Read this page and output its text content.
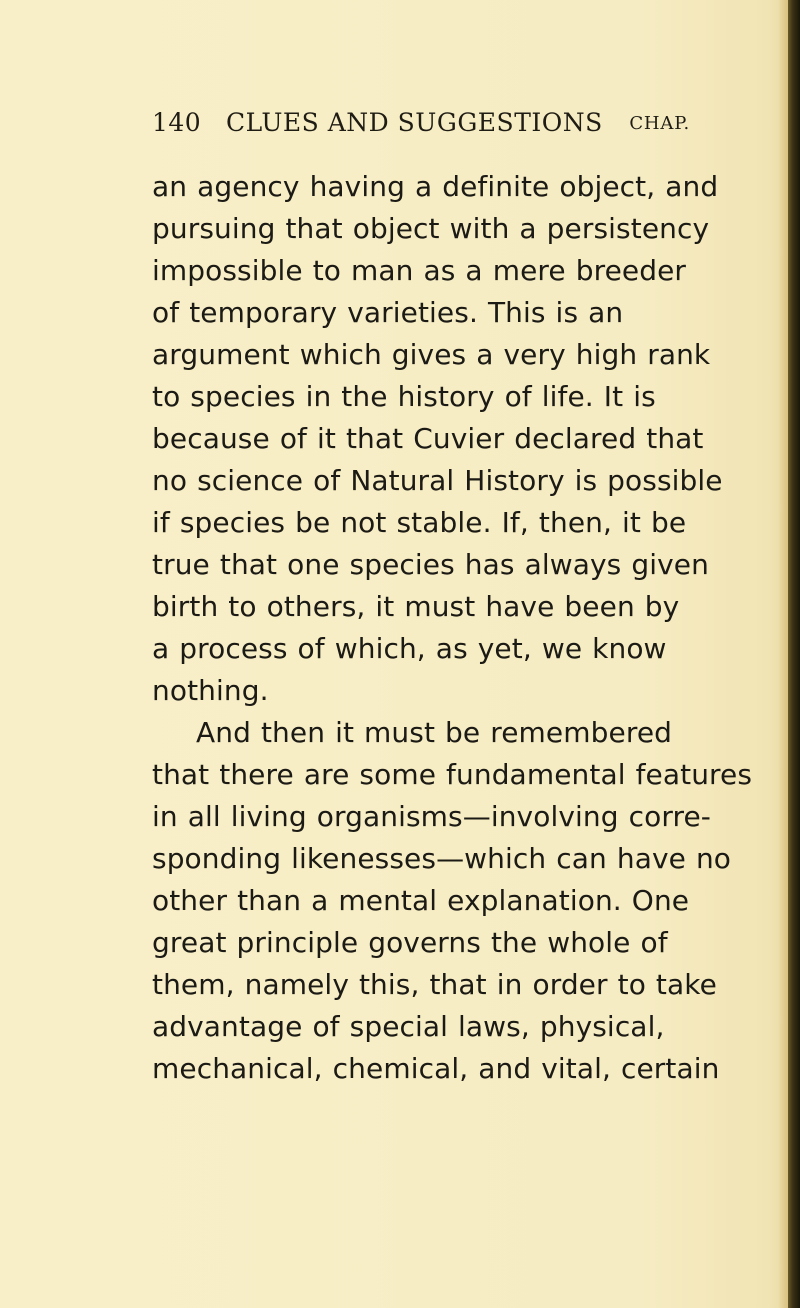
140 CLUES AND SUGGESTIONS CHAP.
an agency having a definite object, and
pursuing that object with a persistency
impossible to man as a mere breeder
of temporary varieties. This is an
argument which gives a very high rank
to species in the history of life. It is
because of it that Cuvier declared that
no science of Natural History is possible
if species be not stable. If, then, it be
true that one species has always given
birth to others, it must have been by
a process of which, as yet, we know
nothing.
And then it must be remembered
that there are some fundamental features
in all living organisms—involving corre-
sponding likenesses—which can have no
other than a mental explanation. One
great principle governs the whole of
them, namely this, that in order to take
advantage of special laws, physical,
mechanical, chemical, and vital, certain
